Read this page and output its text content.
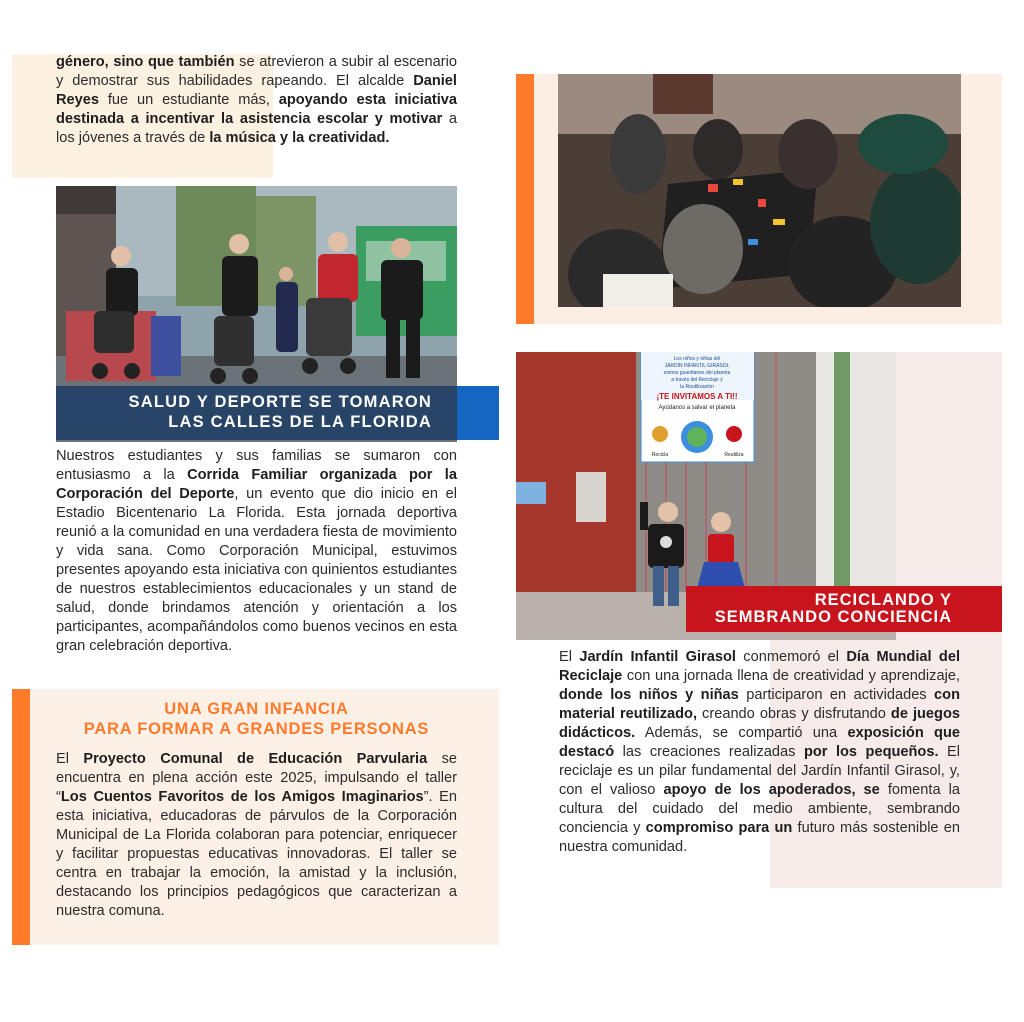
género, sino que también se atrevieron a subir al escenario y demostrar sus habilidades rapeando. El alcalde Daniel Reyes fue un estudiante más, apoyando esta iniciativa destinada a incentivar la asistencia escolar y motivar a los jóvenes a través de la música y la creatividad.
SALUD Y DEPORTE SE TOMARON
LAS CALLES DE LA FLORIDA
Nuestros estudiantes y sus familias se sumaron con entusiasmo a la Corrida Familiar organizada por la Corporación del Deporte, un evento que dio inicio en el Estadio Bicentenario La Florida. Esta jornada deportiva reunió a la comunidad en una verdadera fiesta de movimiento y vida sana. Como Corporación Municipal, estuvimos presentes apoyando esta iniciativa con quinientos estudiantes de nuestros establecimientos educacionales y un stand de salud, donde brindamos atención y orientación a los participantes, acompañándolos como buenos vecinos en esta gran celebración deportiva.
UNA GRAN INFANCIA
PARA FORMAR A GRANDES PERSONAS
El Proyecto Comunal de Educación Parvularia se encuentra en plena acción este 2025, impulsando el taller “Los Cuentos Favoritos de los Amigos Imaginarios”. En esta iniciativa, educadoras de párvulos de la Corporación Municipal de La Florida colaboran para potenciar, enriquecer y facilitar propuestas educativas innovadoras. El taller se centra en trabajar la emoción, la amistad y la inclusión, destacando los principios pedagógicos que caracterizan a nuestra comuna.
Los niños y niñas del
JARDÍN INFANTIL GIRASOL
somos guardianes del planeta
a través del Reciclaje y
la Reutilización
¡TE INVITAMOS A TI!!
Ayúdanos a salvar el planeta
Recicla	Reutiliza
RECICLANDO Y
SEMBRANDO CONCIENCIA
El Jardín Infantil Girasol conmemoró el Día Mundial del Reciclaje con una jornada llena de creatividad y aprendizaje, donde los niños y niñas participaron en actividades con material reutilizado, creando obras y disfrutando de juegos didácticos. Además, se compartió una exposición que destacó las creaciones realizadas por los pequeños. El reciclaje es un pilar fundamental del Jardín Infantil Girasol, y, con el valioso apoyo de los apoderados, se fomenta la cultura del cuidado del medio ambiente, sembrando conciencia y compromiso para un futuro más sostenible en nuestra comunidad.
